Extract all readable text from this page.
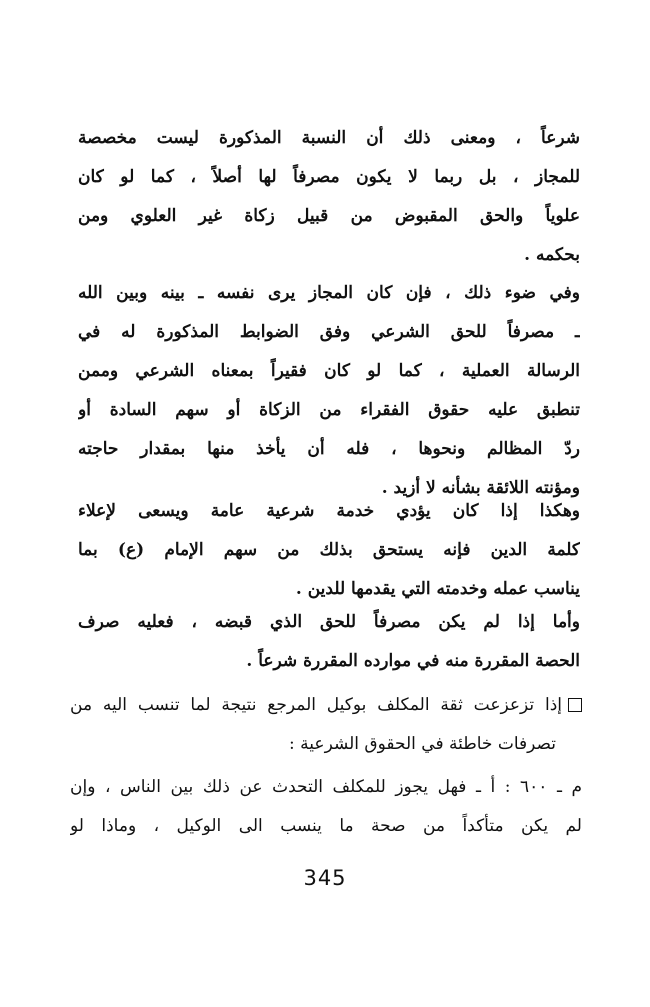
شرعاً ، ومعنى ذلك أن النسبة المذكورة ليست مخصصة
للمجاز ، بل ربما لا يكون مصرفاً لها أصلاً ، كما لو كان
علوياً والحق المقبوض من قبيل زكاة غير العلوي ومن
بحكمه .
وفي ضوء ذلك ، فإن كان المجاز يرى نفسه ـ بينه وبين الله
ـ مصرفاً للحق الشرعي وفق الضوابط المذكورة له في
الرسالة العملية ، كما لو كان فقيراً بمعناه الشرعي وممن
تنطبق عليه حقوق الفقراء من الزكاة أو سهم السادة أو
ردّ المظالم ونحوها ، فله أن يأخذ منها بمقدار حاجته
ومؤنته اللائقة بشأنه لا أزيد .
وهكذا إذا كان يؤدي خدمة شرعية عامة ويسعى لإعلاء
كلمة الدين فإنه يستحق بذلك من سهم الإمام (ع) بما
يناسب عمله وخدمته التي يقدمها للدين .
وأما إذا لم يكن مصرفاً للحق الذي قبضه ، فعليه صرف
الحصة المقررة منه في موارده المقررة شرعاً .
إذا تزعزعت ثقة المكلف بوكيل المرجع نتيجة لما تنسب اليه من
تصرفات خاطئة في الحقوق الشرعية :
م ـ ٦٠٠ : أ ـ فهل يجوز للمكلف التحدث عن ذلك بين الناس ، وإن
لم يكن متأكداً من صحة ما ينسب الى الوكيل ، وماذا لو
345
